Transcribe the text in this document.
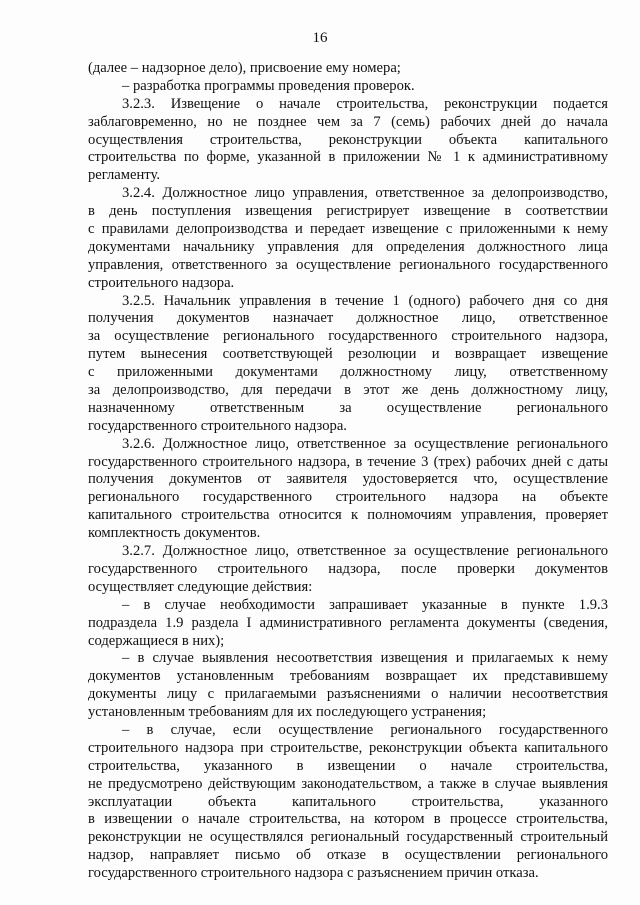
16

(далее – надзорное дело), присвоение ему номера;

– разработка программы проведения проверок.

3.2.3. Извещение о начале строительства, реконструкции подается

заблаговременно, но не позднее чем за 7 (семь) рабочих дней до начала

осуществления строительства, реконструкции объекта капитального

строительства по форме, указанной в приложении № 1 к административному

регламенту.

3.2.4. Должностное лицо управления, ответственное за делопроизводство,

в день поступления извещения регистрирует извещение в соответствии

с правилами делопроизводства и передает извещение с приложенными к нему

документами начальнику управления для определения должностного лица

управления, ответственного за осуществление регионального государственного

строительного надзора.

3.2.5. Начальник управления в течение 1 (одного) рабочего дня со дня

получения документов назначает должностное лицо, ответственное

за осуществление регионального государственного строительного надзора,

путем вынесения соответствующей резолюции и возвращает извещение

с приложенными документами должностному лицу, ответственному

за делопроизводство, для передачи в этот же день должностному лицу,

назначенному ответственным за осуществление регионального

государственного строительного надзора.

3.2.6. Должностное лицо, ответственное за осуществление регионального

государственного строительного надзора, в течение 3 (трех) рабочих дней с даты

получения документов от заявителя удостоверяется что, осуществление

регионального государственного строительного надзора на объекте

капитального строительства относится к полномочиям управления, проверяет

комплектность документов.

3.2.7. Должностное лицо, ответственное за осуществление регионального

государственного строительного надзора, после проверки документов

осуществляет следующие действия:

– в случае необходимости запрашивает указанные в пункте 1.9.3

подраздела 1.9 раздела I административного регламента документы (сведения,

содержащиеся в них);

– в случае выявления несоответствия извещения и прилагаемых к нему

документов установленным требованиям возвращает их представившему

документы лицу с прилагаемыми разъяснениями о наличии несоответствия

установленным требованиям для их последующего устранения;

– в случае, если осуществление регионального государственного

строительного надзора при строительстве, реконструкции объекта капитального

строительства, указанного в извещении о начале строительства,

не предусмотрено действующим законодательством, а также в случае выявления

эксплуатации объекта капитального строительства, указанного

в извещении о начале строительства, на котором в процессе строительства,

реконструкции не осуществлялся региональный государственный строительный

надзор, направляет письмо об отказе в осуществлении регионального

государственного строительного надзора с разъяснением причин отказа.
